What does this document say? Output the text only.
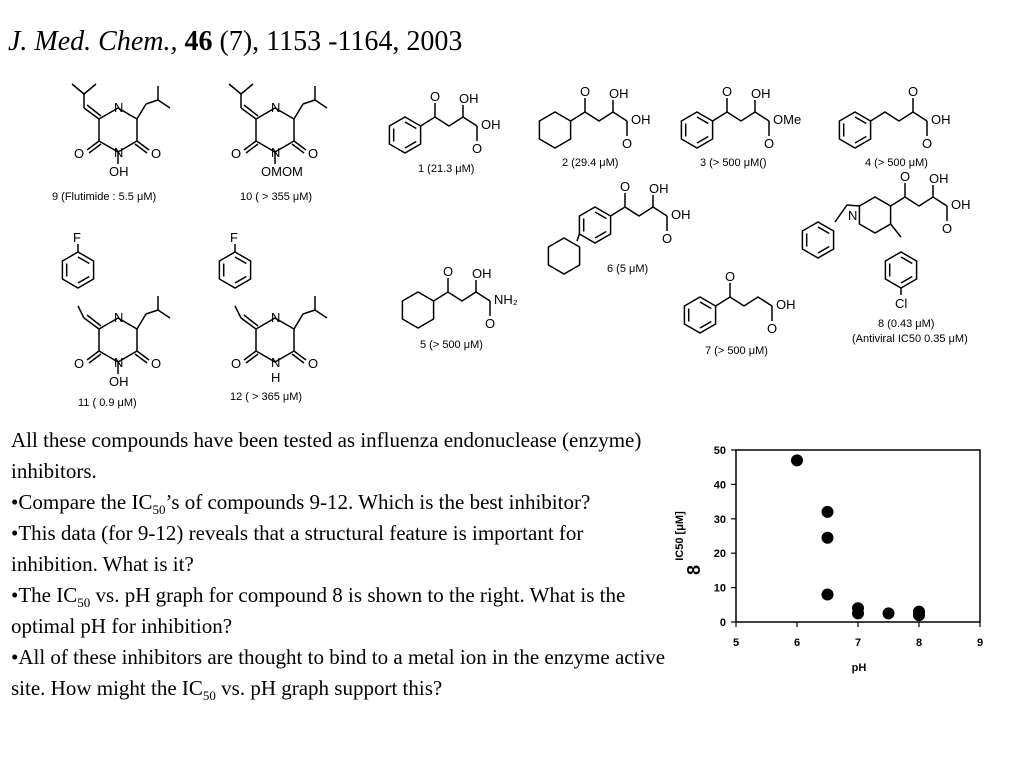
J. Med. Chem., 46 (7), 1153 -1164, 2003
N
N
O	O
OH
9 (Flutimide : 5.5 μM)
N
N
O	O
OMOM
10 ( > 355 μM)
F
N
N
O	O
OH
11 ( 0.9 μM)
F
N
N
O	O
H
12 ( > 365 μM)
O OH
OH
O
1 (21.3 μM)
O OH
OH
O
2 (29.4 μM)
O OH
OMe
O
3 (> 500 μM()
O
OH
O
4 (> 500 μM)
O OH
OH
O
6 (5 μM)
O OH
NH₂
O
5 (> 500 μM)
O
OH
O
7 (> 500 μM)
N
O OH
OH
O
Cl
8 (0.43 μM)
(Antiviral IC50 0.35 μM)

All these compounds have been tested as influenza endonuclease (enzyme) inhibitors.

•Compare the $IC_{50}’s$ of compounds 9-12. Which is the best inhibitor?

•This data (for 9-12) reveals that a structural feature is important for inhibition. What is it?

•The $IC_{50}$ vs. pH graph for compound 8 is shown to the right. What is the optimal pH for inhibition?

•All of these inhibitors are thought to bind to a metal ion in the enzyme active site. How might the $IC_{50}$ vs. pH graph support this?

5	6	7	8	9
0
10
20
30
40
50
pH
IC50 [μM]
8
